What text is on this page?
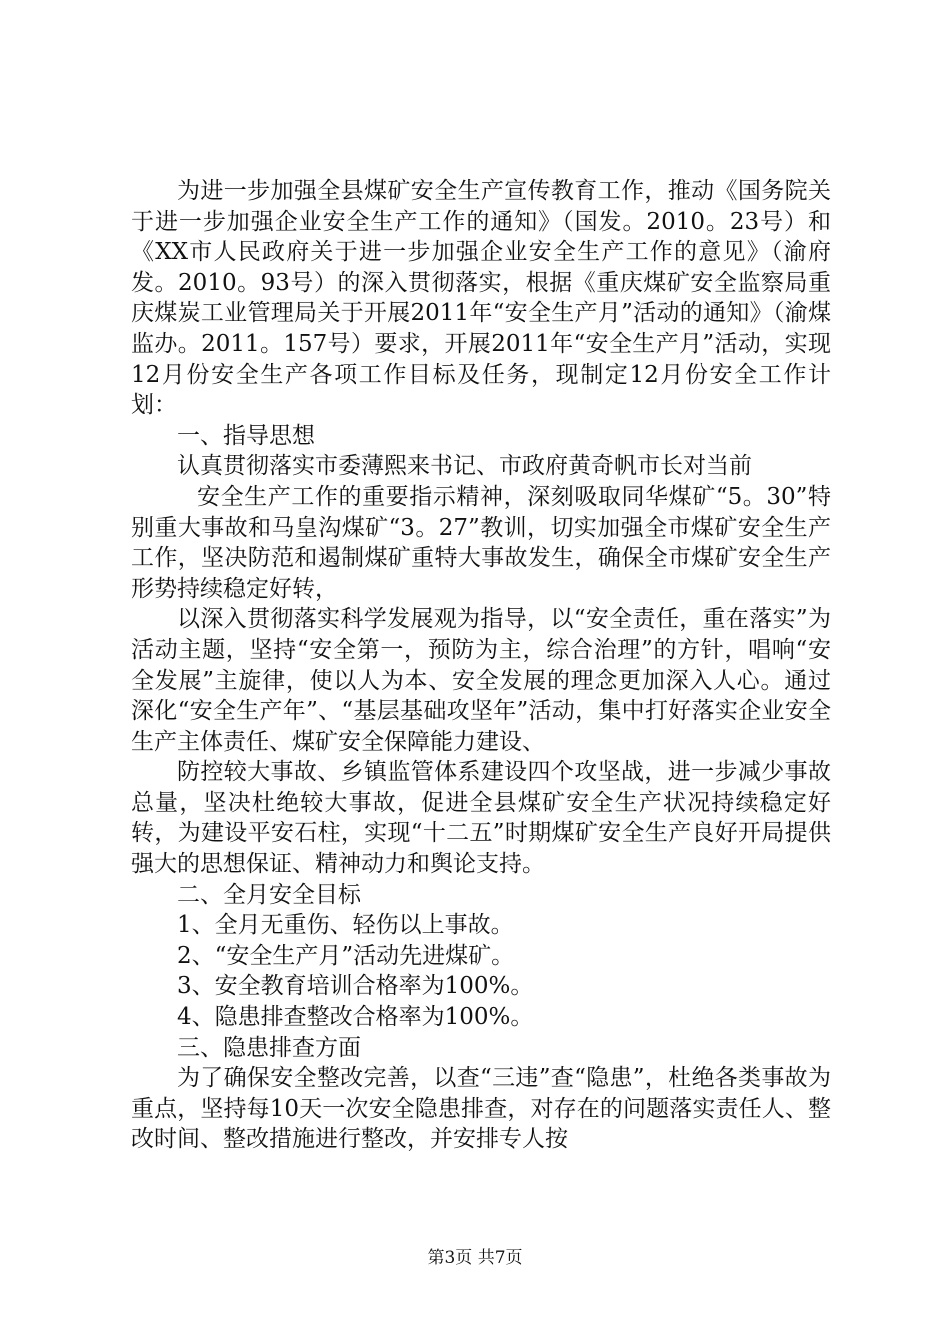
为进一步加强全县煤矿安全生产宣传教育工作，推动《国务院关于进一步加强企业安全生产工作的通知》（国发。2010。23号）和《XX市人民政府关于进一步加强企业安全生产工作的意见》（渝府发。2010。93号）的深入贯彻落实，根据《重庆煤矿安全监察局重庆煤炭工业管理局关于开展2011年“安全生产月”活动的通知》（渝煤监办。2011。157号）要求，开展2011年“安全生产月”活动，实现12月份安全生产各项工作目标及任务，现制定12月份安全工作计划：

一、指导思想

认真贯彻落实市委薄熙来书记、市政府黄奇帆市长对当前

安全生产工作的重要指示精神，深刻吸取同华煤矿“5。30”特别重大事故和马皇沟煤矿“3。27”教训，切实加强全市煤矿安全生产工作，坚决防范和遏制煤矿重特大事故发生，确保全市煤矿安全生产形势持续稳定好转，

以深入贯彻落实科学发展观为指导，以“安全责任，重在落实”为活动主题，坚持“安全第一，预防为主，综合治理”的方针，唱响“安全发展”主旋律，使以人为本、安全发展的理念更加深入人心。通过深化“安全生产年”、“基层基础攻坚年”活动，集中打好落实企业安全生产主体责任、煤矿安全保障能力建设、

防控较大事故、乡镇监管体系建设四个攻坚战，进一步减少事故总量，坚决杜绝较大事故，促进全县煤矿安全生产状况持续稳定好转，为建设平安石柱，实现“十二五”时期煤矿安全生产良好开局提供强大的思想保证、精神动力和舆论支持。

二、全月安全目标

1、全月无重伤、轻伤以上事故。

2、“安全生产月”活动先进煤矿。

3、安全教育培训合格率为100%。

4、隐患排查整改合格率为100%。

三、隐患排查方面

为了确保安全整改完善，以查“三违”查“隐患”，杜绝各类事故为重点，坚持每10天一次安全隐患排查，对存在的问题落实责任人、整改时间、整改措施进行整改，并安排专人按

第3页 共7页
